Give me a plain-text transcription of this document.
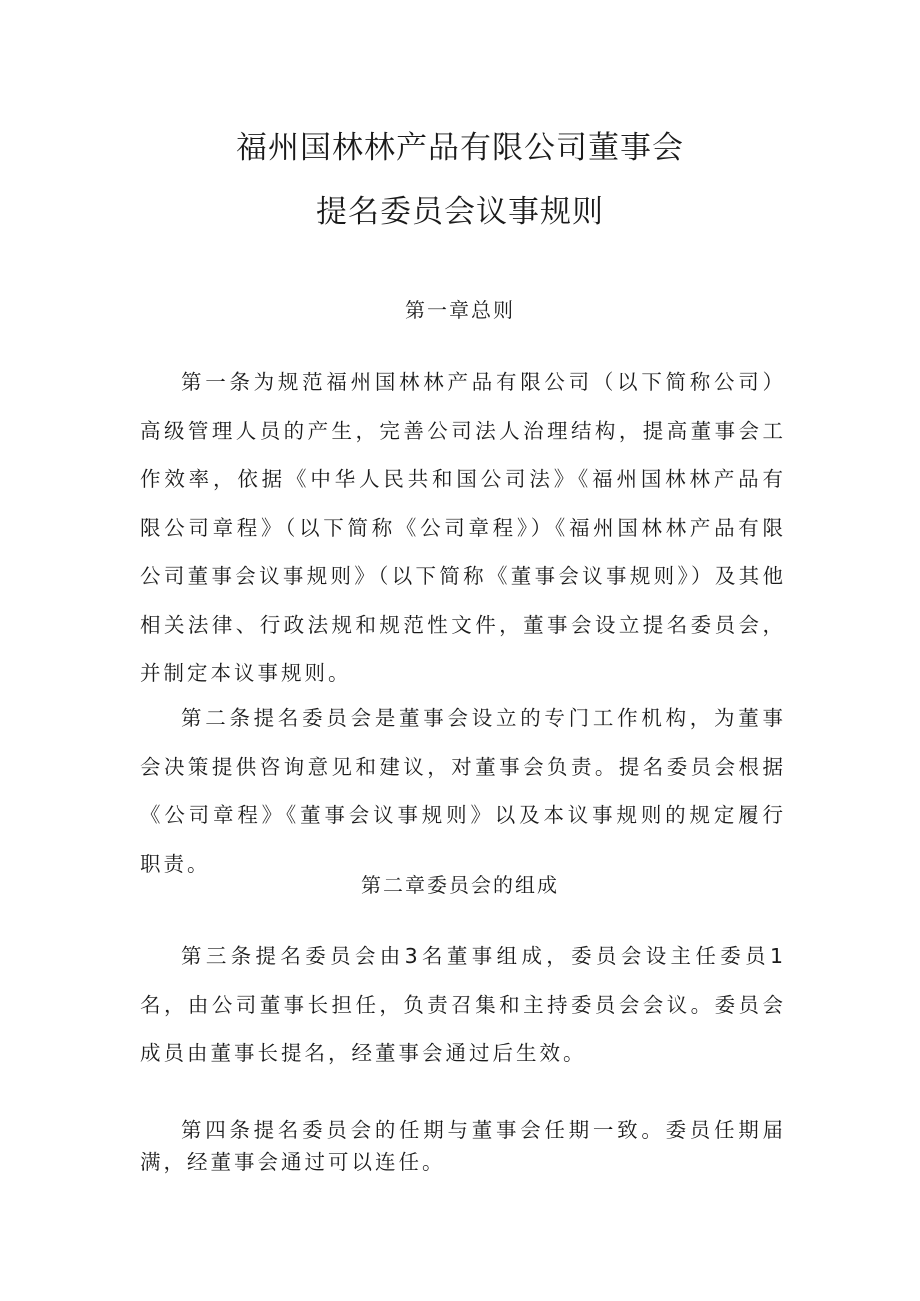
福州国林林产品有限公司董事会
提名委员会议事规则
第一章总则

第一条为规范福州国林林产品有限公司（以下简称公司）高级管理人员的产生，完善公司法人治理结构，提高董事会工作效率，依据《中华人民共和国公司法》《福州国林林产品有限公司章程》（以下简称《公司章程》）《福州国林林产品有限公司董事会议事规则》（以下简称《董事会议事规则》）及其他相关法律、行政法规和规范性文件，董事会设立提名委员会，并制定本议事规则。

第二条提名委员会是董事会设立的专门工作机构，为董事会决策提供咨询意见和建议，对董事会负责。提名委员会根据《公司章程》《董事会议事规则》以及本议事规则的规定履行职责。

第二章委员会的组成

第三条提名委员会由3名董事组成，委员会设主任委员1名，由公司董事长担任，负责召集和主持委员会会议。委员会成员由董事长提名，经董事会通过后生效。

第四条提名委员会的任期与董事会任期一致。委员任期届满，经董事会通过可以连任。
